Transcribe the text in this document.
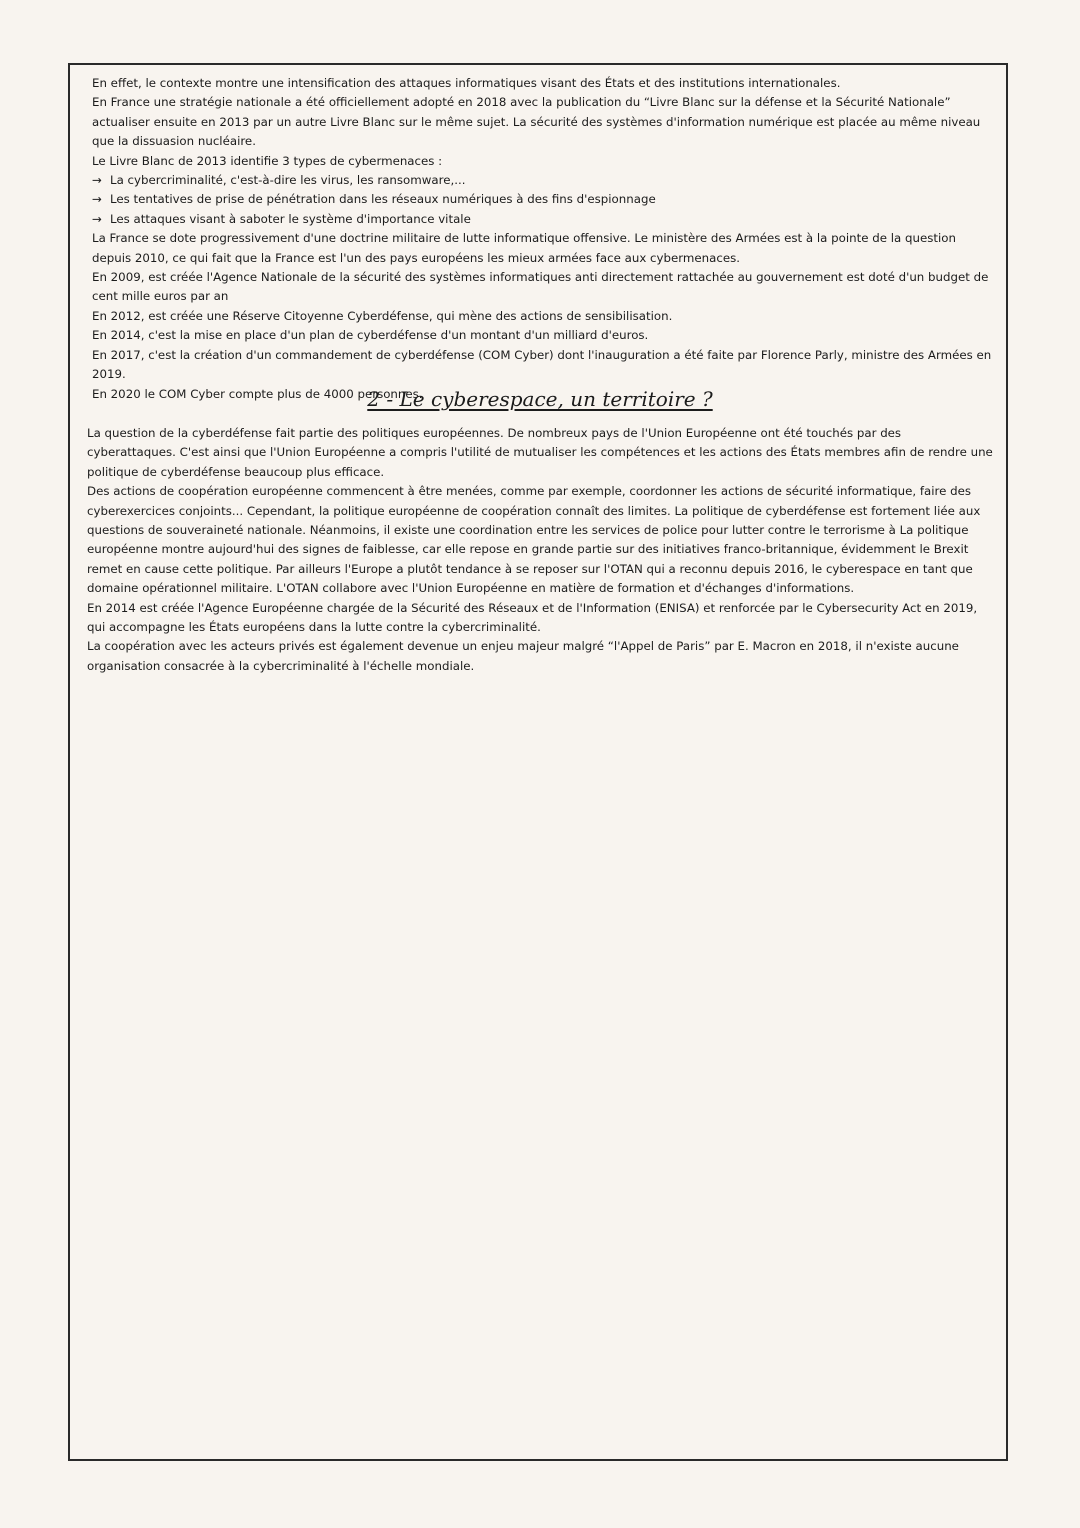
En effet, le contexte montre une intensification des attaques informatiques visant des États et des institutions internationales.

En France une stratégie nationale a été officiellement adopté en 2018 avec la publication du “Livre Blanc sur la défense et la Sécurité Nationale” actualiser ensuite en 2013 par un autre Livre Blanc sur le même sujet. La sécurité des systèmes d'information numérique est placée au même niveau que la dissuasion nucléaire.

Le Livre Blanc de 2013 identifie 3 types de cybermenaces :

→ La cybercriminalité, c'est-à-dire les virus, les ransomware,...

→ Les tentatives de prise de pénétration dans les réseaux numériques à des fins d'espionnage

→ Les attaques visant à saboter le système d'importance vitale

La France se dote progressivement d'une doctrine militaire de lutte informatique offensive. Le ministère des Armées est à la pointe de la question depuis 2010, ce qui fait que la France est l'un des pays européens les mieux armées face aux cybermenaces.

En 2009, est créée l'Agence Nationale de la sécurité des systèmes informatiques anti directement rattachée au gouvernement est doté d'un budget de cent mille euros par an

En 2012, est créée une Réserve Citoyenne Cyberdéfense, qui mène des actions de sensibilisation.

En 2014, c'est la mise en place d'un plan de cyberdéfense d'un montant d'un milliard d'euros.

En 2017, c'est la création d'un commandement de cyberdéfense (COM Cyber) dont l'inauguration a été faite par Florence Parly, ministre des Armées en 2019.

En 2020 le COM Cyber compte plus de 4000 personnes.

2 - Le cyberespace, un territoire ?

La question de la cyberdéfense fait partie des politiques européennes. De nombreux pays de l'Union Européenne ont été touchés par des cyberattaques. C'est ainsi que l'Union Européenne a compris l'utilité de mutualiser les compétences et les actions des États membres afin de rendre une politique de cyberdéfense beaucoup plus efficace.

Des actions de coopération européenne commencent à être menées, comme par exemple, coordonner les actions de sécurité informatique, faire des cyberexercices conjoints... Cependant, la politique européenne de coopération connaît des limites. La politique de cyberdéfense est fortement liée aux questions de souveraineté nationale. Néanmoins, il existe une coordination entre les services de police pour lutter contre le terrorisme à La politique européenne montre aujourd'hui des signes de faiblesse, car elle repose en grande partie sur des initiatives franco-britannique, évidemment le Brexit remet en cause cette politique. Par ailleurs l'Europe a plutôt tendance à se reposer sur l'OTAN qui a reconnu depuis 2016, le cyberespace en tant que domaine opérationnel militaire. L'OTAN collabore avec l'Union Européenne en matière de formation et d'échanges d'informations.

En 2014 est créée l'Agence Européenne chargée de la Sécurité des Réseaux et de l'Information (ENISA) et renforcée par le Cybersecurity Act en 2019, qui accompagne les États européens dans la lutte contre la cybercriminalité.

La coopération avec les acteurs privés est également devenue un enjeu majeur malgré “l'Appel de Paris” par E. Macron en 2018, il n'existe aucune organisation consacrée à la cybercriminalité à l'échelle mondiale.
